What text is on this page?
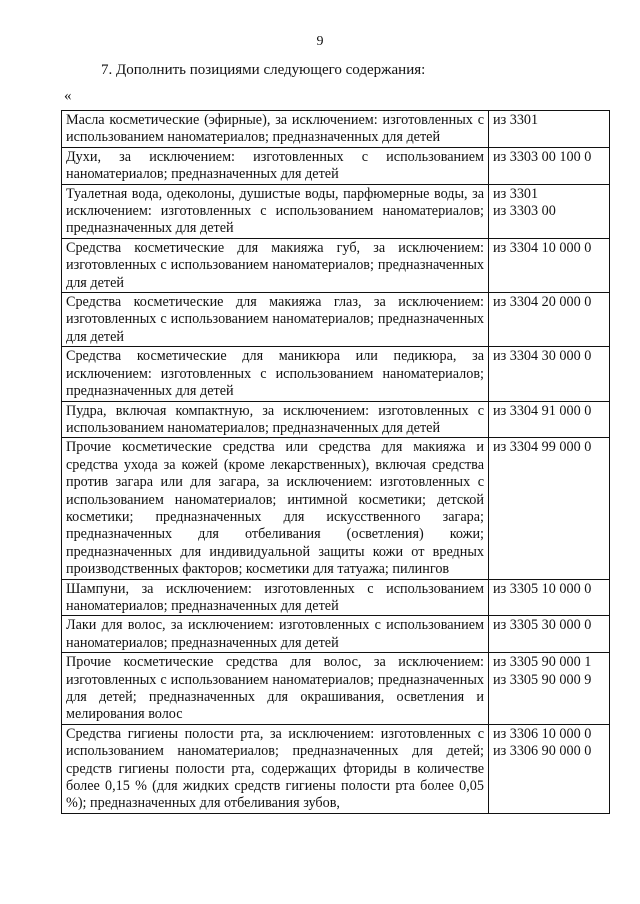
9
7. Дополнить позициями следующего содержания:
«
Масла косметические (эфирные), за исключением: изготовленных с использованием наноматериалов; предназначенных для детей	из 3301

Духи, за исключением: изготовленных с использованием наноматериалов; предназначенных для детей	из 3303 00 100 0

Туалетная вода, одеколоны, душистые воды, парфюмерные воды, за исключением: изготовленных с использованием наноматериалов; предназначенных для детей	из 3301
из 3303 00

Средства косметические для макияжа губ, за исключением: изготовленных с использованием наноматериалов; предназначенных для детей	из 3304 10 000 0

Средства косметические для макияжа глаз, за исключением: изготовленных с использованием наноматериалов; предназначенных для детей	из 3304 20 000 0

Средства косметические для маникюра или педикюра, за исключением: изготовленных с использованием наноматериалов; предназначенных для детей	из 3304 30 000 0

Пудра, включая компактную, за исключением: изготовленных с использованием наноматериалов; предназначенных для детей	из 3304 91 000 0

Прочие косметические средства или средства для макияжа и средства ухода за кожей (кроме лекарственных), включая средства против загара или для загара, за исключением: изготовленных с использованием наноматериалов; интимной косметики; детской косметики; предназначенных для искусственного загара; предназначенных для отбеливания (осветления) кожи; предназначенных для индивидуальной защиты кожи от вредных производственных факторов; косметики для татуажа; пилингов	из 3304 99 000 0

Шампуни, за исключением: изготовленных с использованием наноматериалов; предназначенных для детей	из 3305 10 000 0

Лаки для волос, за исключением: изготовленных с использованием наноматериалов; предназначенных для детей	из 3305 30 000 0

Прочие косметические средства для волос, за исключением: изготовленных с использованием наноматериалов; предназначенных для детей; предназначенных для окрашивания, осветления и мелирования волос	из 3305 90 000 1
из 3305 90 000 9

Средства гигиены полости рта, за исключением: изготовленных с использованием наноматериалов; предназначенных для детей; средств гигиены полости рта, содержащих фториды в количестве более 0,15 % (для жидких средств гигиены полости рта более 0,05 %); предназначенных для отбеливания зубов,	из 3306 10 000 0
из 3306 90 000 0
